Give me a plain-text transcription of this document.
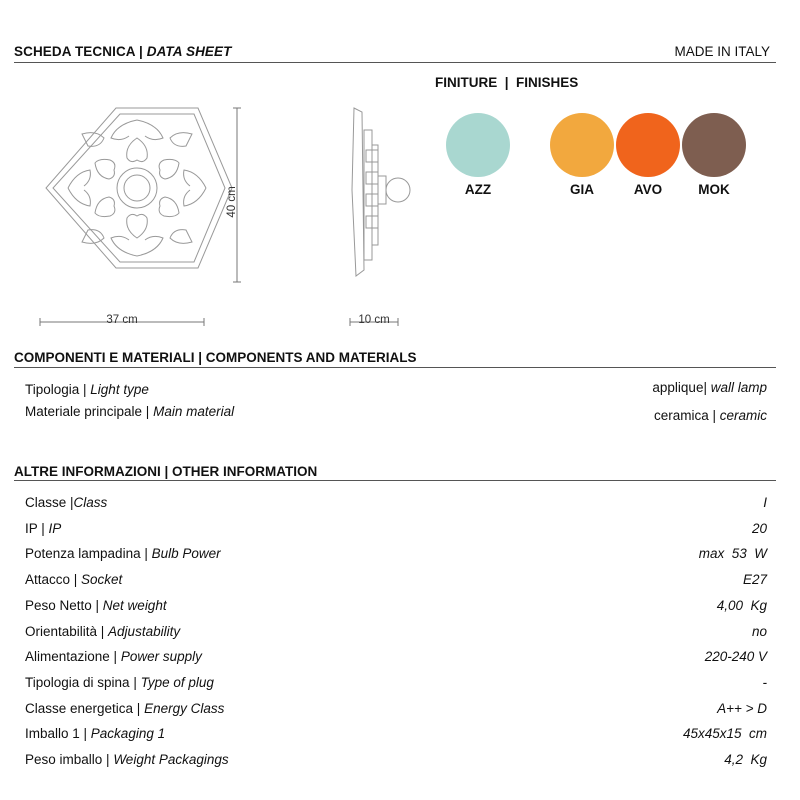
SCHEDA TECNICA | DATA SHEET	MADE IN ITALY
40 cm
37 cm	10 cm
FINITURE  |  FINISHES
AZZ	GIA	AVO	MOK
COMPONENTI E MATERIALI | COMPONENTS AND MATERIALS
Tipologia | Light type	applique| wall lamp
Materiale principale | Main material	ceramica | ceramic
ALTRE INFORMAZIONI | OTHER INFORMATION
Classe |Class	I
IP | IP	20
Potenza lampadina | Bulb Power	max  53  W
Attacco | Socket	E27
Peso Netto | Net weight	4,00  Kg
Orientabilità | Adjustability	no
Alimentazione | Power supply	220-240 V
Tipologia di spina | Type of plug	-
Classe energetica | Energy Class	A++ > D
Imballo 1 | Packaging 1	45x45x15  cm
Peso imballo | Weight Packagings	4,2  Kg
